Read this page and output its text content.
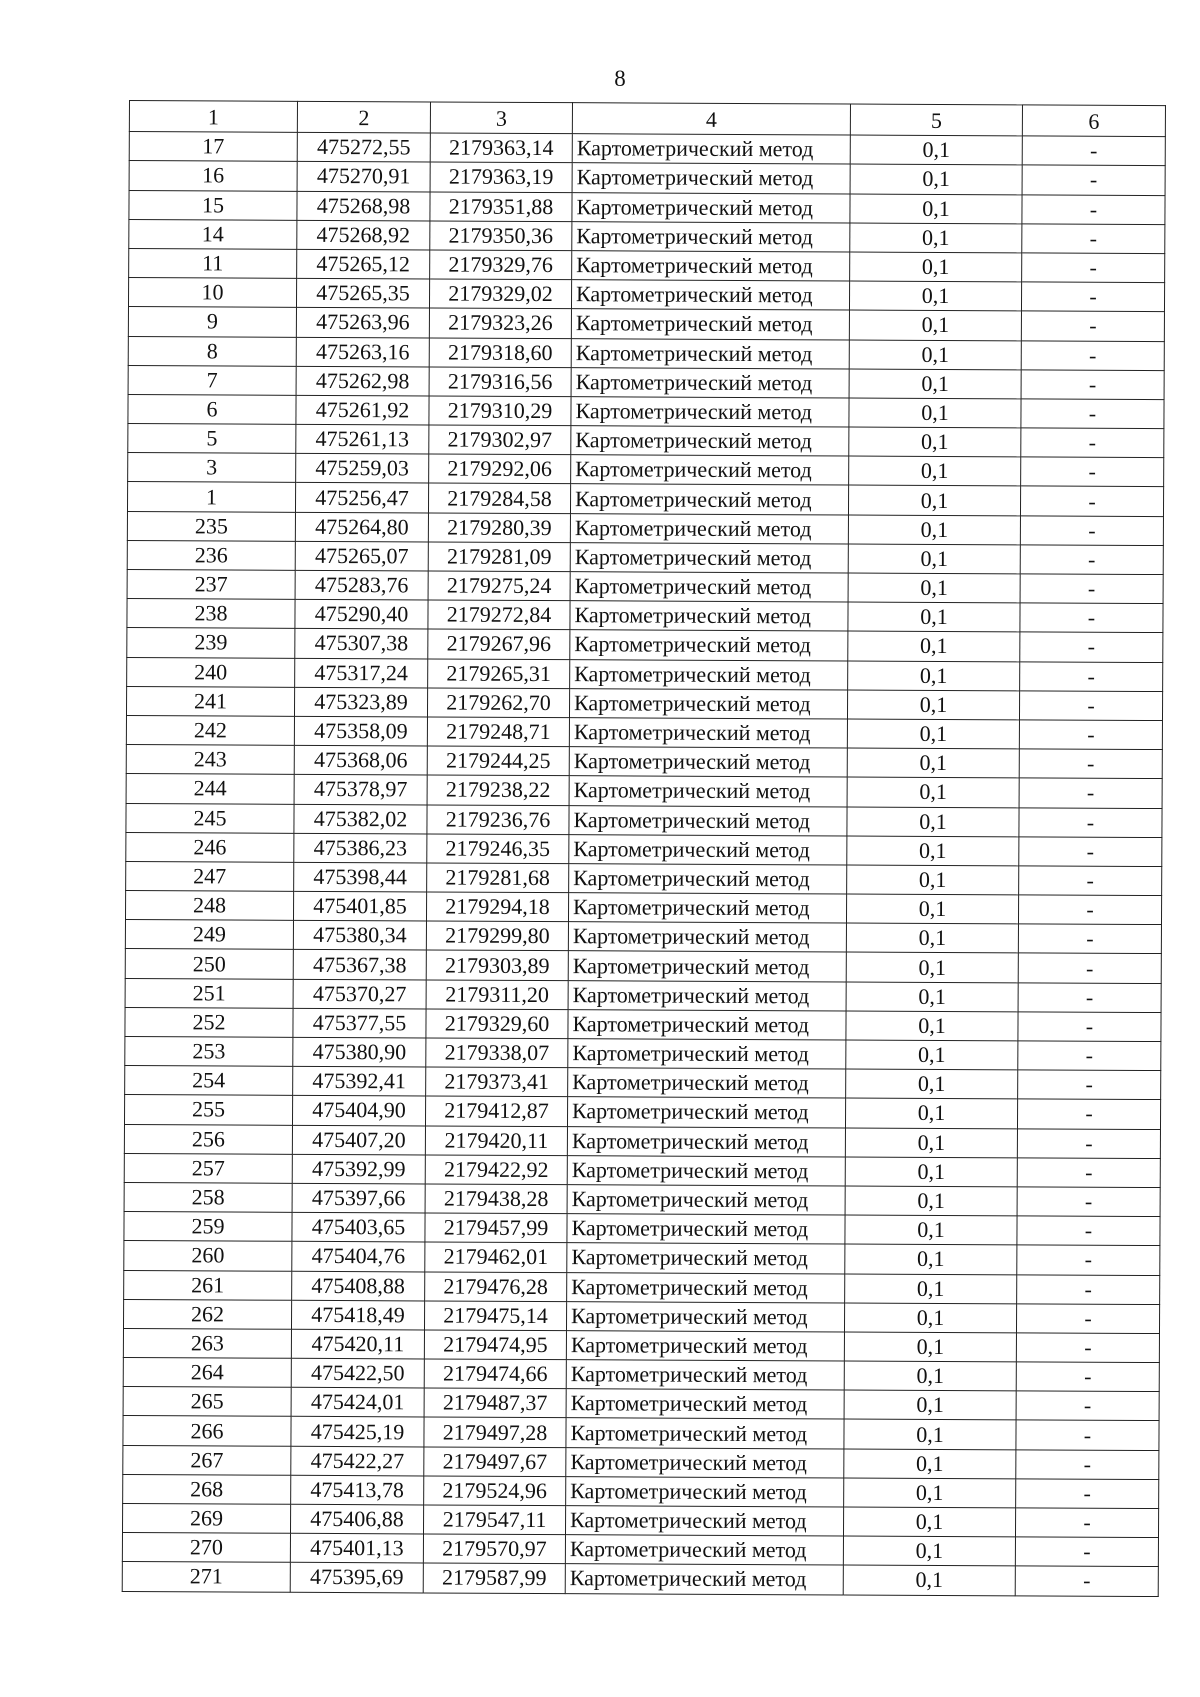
8
1	2	3	4	5	6
17	475272,55	2179363,14	Картометрический метод	0,1	-
16	475270,91	2179363,19	Картометрический метод	0,1	-
15	475268,98	2179351,88	Картометрический метод	0,1	-
14	475268,92	2179350,36	Картометрический метод	0,1	-
11	475265,12	2179329,76	Картометрический метод	0,1	-
10	475265,35	2179329,02	Картометрический метод	0,1	-
9	475263,96	2179323,26	Картометрический метод	0,1	-
8	475263,16	2179318,60	Картометрический метод	0,1	-
7	475262,98	2179316,56	Картометрический метод	0,1	-
6	475261,92	2179310,29	Картометрический метод	0,1	-
5	475261,13	2179302,97	Картометрический метод	0,1	-
3	475259,03	2179292,06	Картометрический метод	0,1	-
1	475256,47	2179284,58	Картометрический метод	0,1	-
235	475264,80	2179280,39	Картометрический метод	0,1	-
236	475265,07	2179281,09	Картометрический метод	0,1	-
237	475283,76	2179275,24	Картометрический метод	0,1	-
238	475290,40	2179272,84	Картометрический метод	0,1	-
239	475307,38	2179267,96	Картометрический метод	0,1	-
240	475317,24	2179265,31	Картометрический метод	0,1	-
241	475323,89	2179262,70	Картометрический метод	0,1	-
242	475358,09	2179248,71	Картометрический метод	0,1	-
243	475368,06	2179244,25	Картометрический метод	0,1	-
244	475378,97	2179238,22	Картометрический метод	0,1	-
245	475382,02	2179236,76	Картометрический метод	0,1	-
246	475386,23	2179246,35	Картометрический метод	0,1	-
247	475398,44	2179281,68	Картометрический метод	0,1	-
248	475401,85	2179294,18	Картометрический метод	0,1	-
249	475380,34	2179299,80	Картометрический метод	0,1	-
250	475367,38	2179303,89	Картометрический метод	0,1	-
251	475370,27	2179311,20	Картометрический метод	0,1	-
252	475377,55	2179329,60	Картометрический метод	0,1	-
253	475380,90	2179338,07	Картометрический метод	0,1	-
254	475392,41	2179373,41	Картометрический метод	0,1	-
255	475404,90	2179412,87	Картометрический метод	0,1	-
256	475407,20	2179420,11	Картометрический метод	0,1	-
257	475392,99	2179422,92	Картометрический метод	0,1	-
258	475397,66	2179438,28	Картометрический метод	0,1	-
259	475403,65	2179457,99	Картометрический метод	0,1	-
260	475404,76	2179462,01	Картометрический метод	0,1	-
261	475408,88	2179476,28	Картометрический метод	0,1	-
262	475418,49	2179475,14	Картометрический метод	0,1	-
263	475420,11	2179474,95	Картометрический метод	0,1	-
264	475422,50	2179474,66	Картометрический метод	0,1	-
265	475424,01	2179487,37	Картометрический метод	0,1	-
266	475425,19	2179497,28	Картометрический метод	0,1	-
267	475422,27	2179497,67	Картометрический метод	0,1	-
268	475413,78	2179524,96	Картометрический метод	0,1	-
269	475406,88	2179547,11	Картометрический метод	0,1	-
270	475401,13	2179570,97	Картометрический метод	0,1	-
271	475395,69	2179587,99	Картометрический метод	0,1	-
